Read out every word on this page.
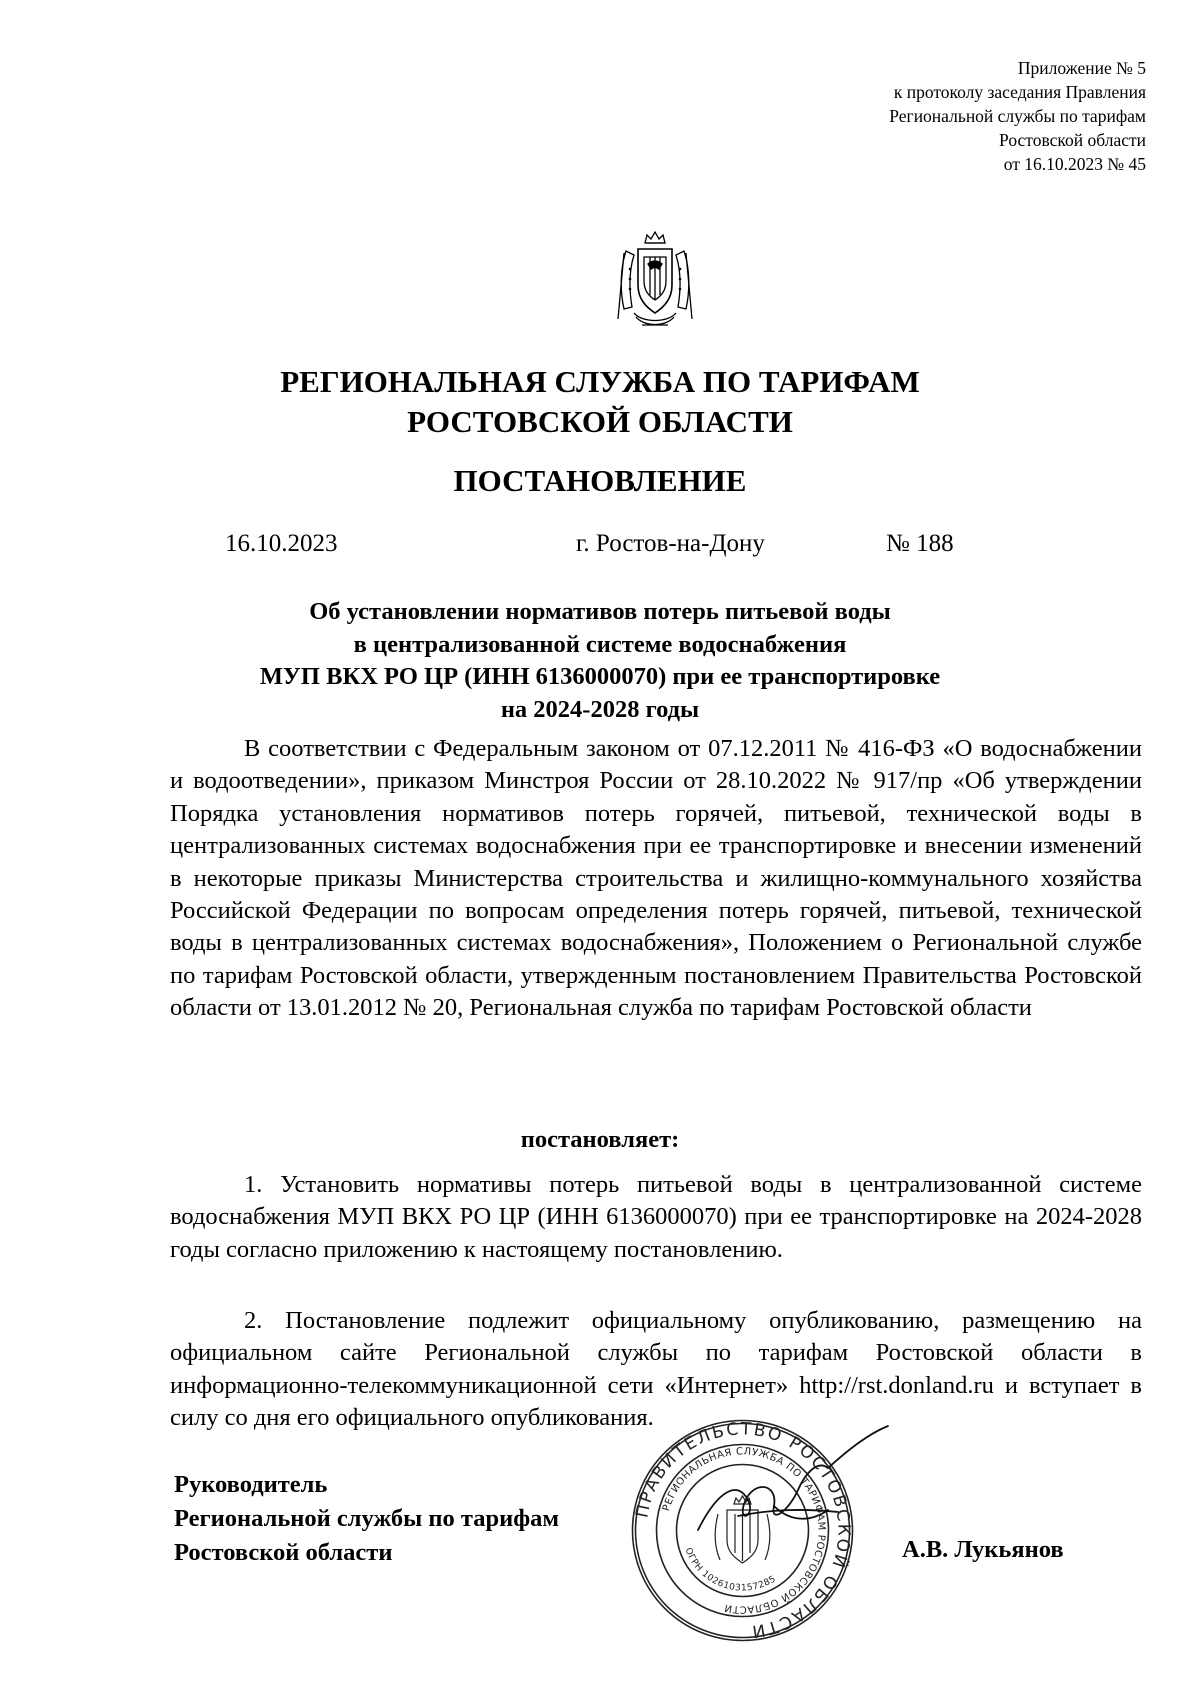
Приложение № 5
к протоколу заседания Правления
Региональной службы по тарифам
Ростовской области
от 16.10.2023 № 45
РЕГИОНАЛЬНАЯ СЛУЖБА ПО ТАРИФАМ
РОСТОВСКОЙ ОБЛАСТИ
ПОСТАНОВЛЕНИЕ
16.10.2023	г. Ростов-на-Дону	№ 188
Об установлении нормативов потерь питьевой воды
в централизованной системе водоснабжения
МУП ВКХ РО ЦР (ИНН 6136000070) при ее транспортировке
на 2024-2028 годы
В соответствии с Федеральным законом от 07.12.2011 № 416-ФЗ «О водоснабжении и водоотведении», приказом Минстроя России от 28.10.2022 № 917/пр «Об утверждении Порядка установления нормативов потерь горячей, питьевой, технической воды в централизованных системах водоснабжения при ее транспортировке и внесении изменений в некоторые приказы Министерства строительства и жилищно-коммунального хозяйства Российской Федерации по вопросам определения потерь горячей, питьевой, технической воды в централизованных системах водоснабжения», Положением о Региональной службе по тарифам Ростовской области, утвержденным постановлением Правительства Ростовской области от 13.01.2012 № 20, Региональная служба по тарифам Ростовской области
постановляет:
1. Установить нормативы потерь питьевой воды в централизованной системе водоснабжения МУП ВКХ РО ЦР (ИНН 6136000070) при ее транспортировке на 2024-2028 годы согласно приложению к настоящему постановлению.
2. Постановление подлежит официальному опубликованию, размещению на официальном сайте Региональной службы по тарифам Ростовской области в информационно-телекоммуникационной сети «Интернет» http://rst.donland.ru и вступает в силу со дня его официального опубликования.
Руководитель
Региональной службы по тарифам
Ростовской области
ПРАВИТЕЛЬСТВО РОСТОВСКОЙ ОБЛАСТИ
РЕГИОНАЛЬНАЯ СЛУЖБА ПО ТАРИФАМ РОСТОВСКОЙ ОБЛАСТИ
ОГРН 1026103157285
А.В. Лукьянов
